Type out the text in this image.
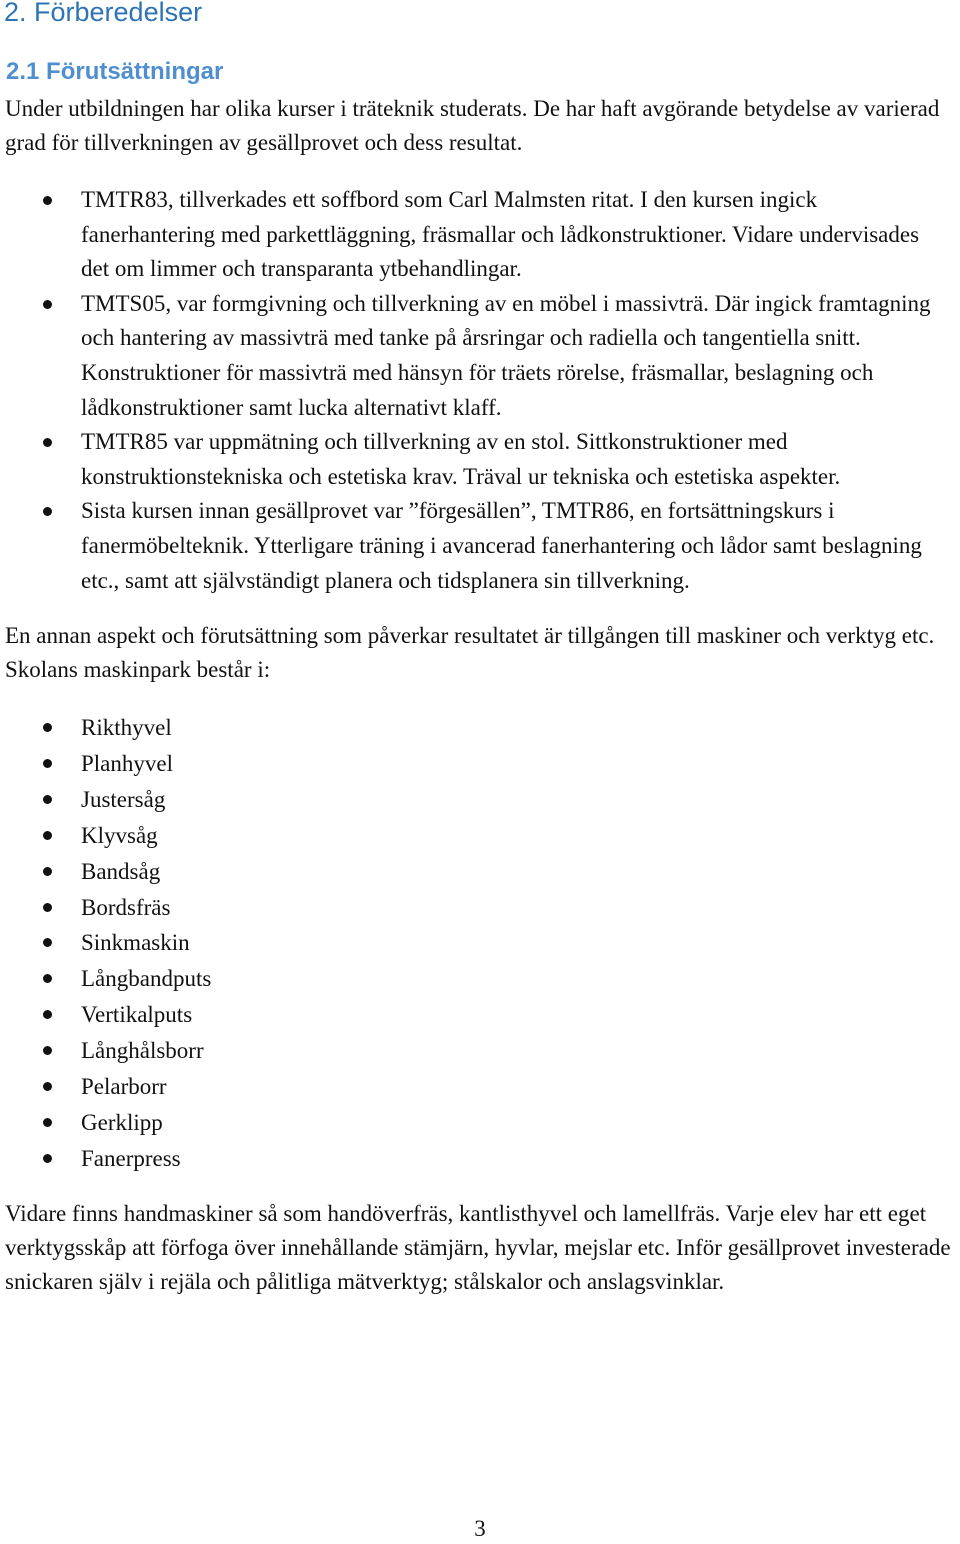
2. Förberedelser
2.1 Förutsättningar

Under utbildningen har olika kurser i träteknik studerats. De har haft avgörande betydelse av varierad grad för tillverkningen av gesällprovet och dess resultat.

TMTR83, tillverkades ett soffbord som Carl Malmsten ritat. I den kursen ingick fanerhantering med parkettläggning, fräsmallar och lådkonstruktioner. Vidare undervisades det om limmer och transparanta ytbehandlingar.
TMTS05, var formgivning och tillverkning av en möbel i massivträ. Där ingick framtagning och hantering av massivträ med tanke på årsringar och radiella och tangentiella snitt. Konstruktioner för massivträ med hänsyn för träets rörelse, fräsmallar, beslagning och lådkonstruktioner samt lucka alternativt klaff.
TMTR85 var uppmätning och tillverkning av en stol. Sittkonstruktioner med konstruktionstekniska och estetiska krav. Träval ur tekniska och estetiska aspekter.
Sista kursen innan gesällprovet var ”förgesällen”, TMTR86, en fortsättningskurs i fanermöbelteknik. Ytterligare träning i avancerad fanerhantering och lådor samt beslagning etc., samt att självständigt planera och tidsplanera sin tillverkning.

En annan aspekt och förutsättning som påverkar resultatet är tillgången till maskiner och verktyg etc. Skolans maskinpark består i:

Rikthyvel
Planhyvel
Justersåg
Klyvsåg
Bandsåg
Bordsfräs
Sinkmaskin
Långbandputs
Vertikalputs
Långhålsborr
Pelarborr
Gerklipp
Fanerpress

Vidare finns handmaskiner så som handöverfräs, kantlisthyvel och lamellfräs. Varje elev har ett eget verktygsskåp att förfoga över innehållande stämjärn, hyvlar, mejslar etc. Inför gesällprovet investerade snickaren själv i rejäla och pålitliga mätverktyg; stålskalor och anslagsvinklar.

3
